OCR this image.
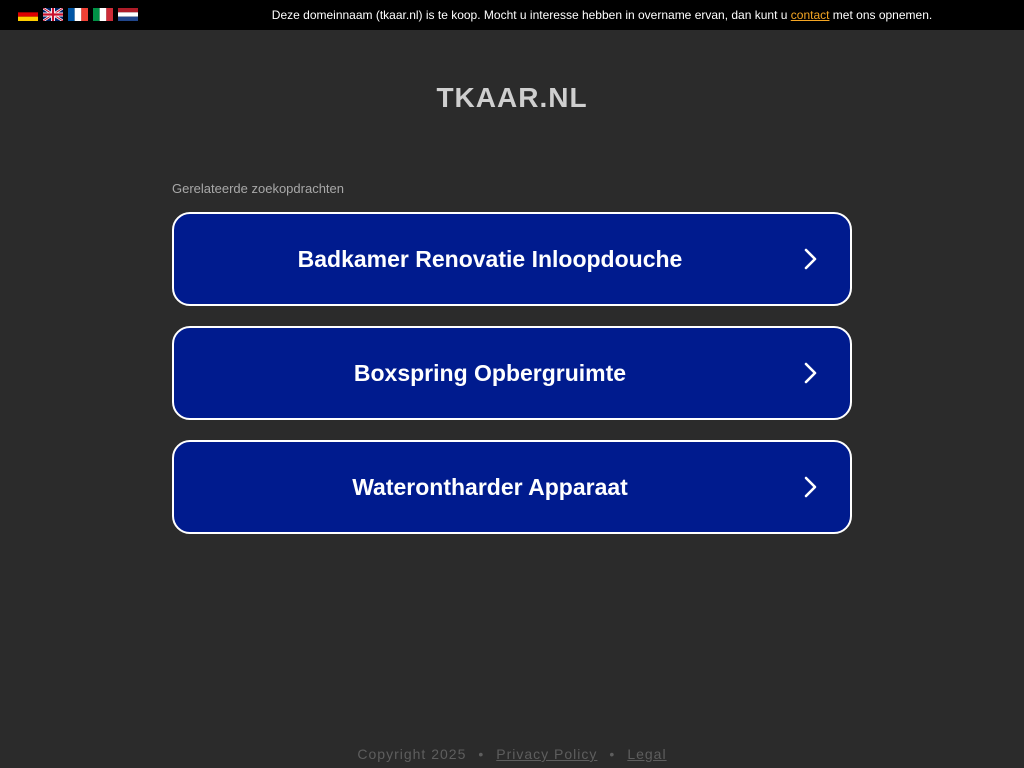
Deze domeinnaam (tkaar.nl) is te koop. Mocht u interesse hebben in overname ervan, dan kunt u contact met ons opnemen.
TKAAR.NL
Gerelateerde zoekopdrachten
Badkamer Renovatie Inloopdouche
Boxspring Opbergruimte
Waterontharder Apparaat
Copyright 2025 • Privacy Policy • Legal
